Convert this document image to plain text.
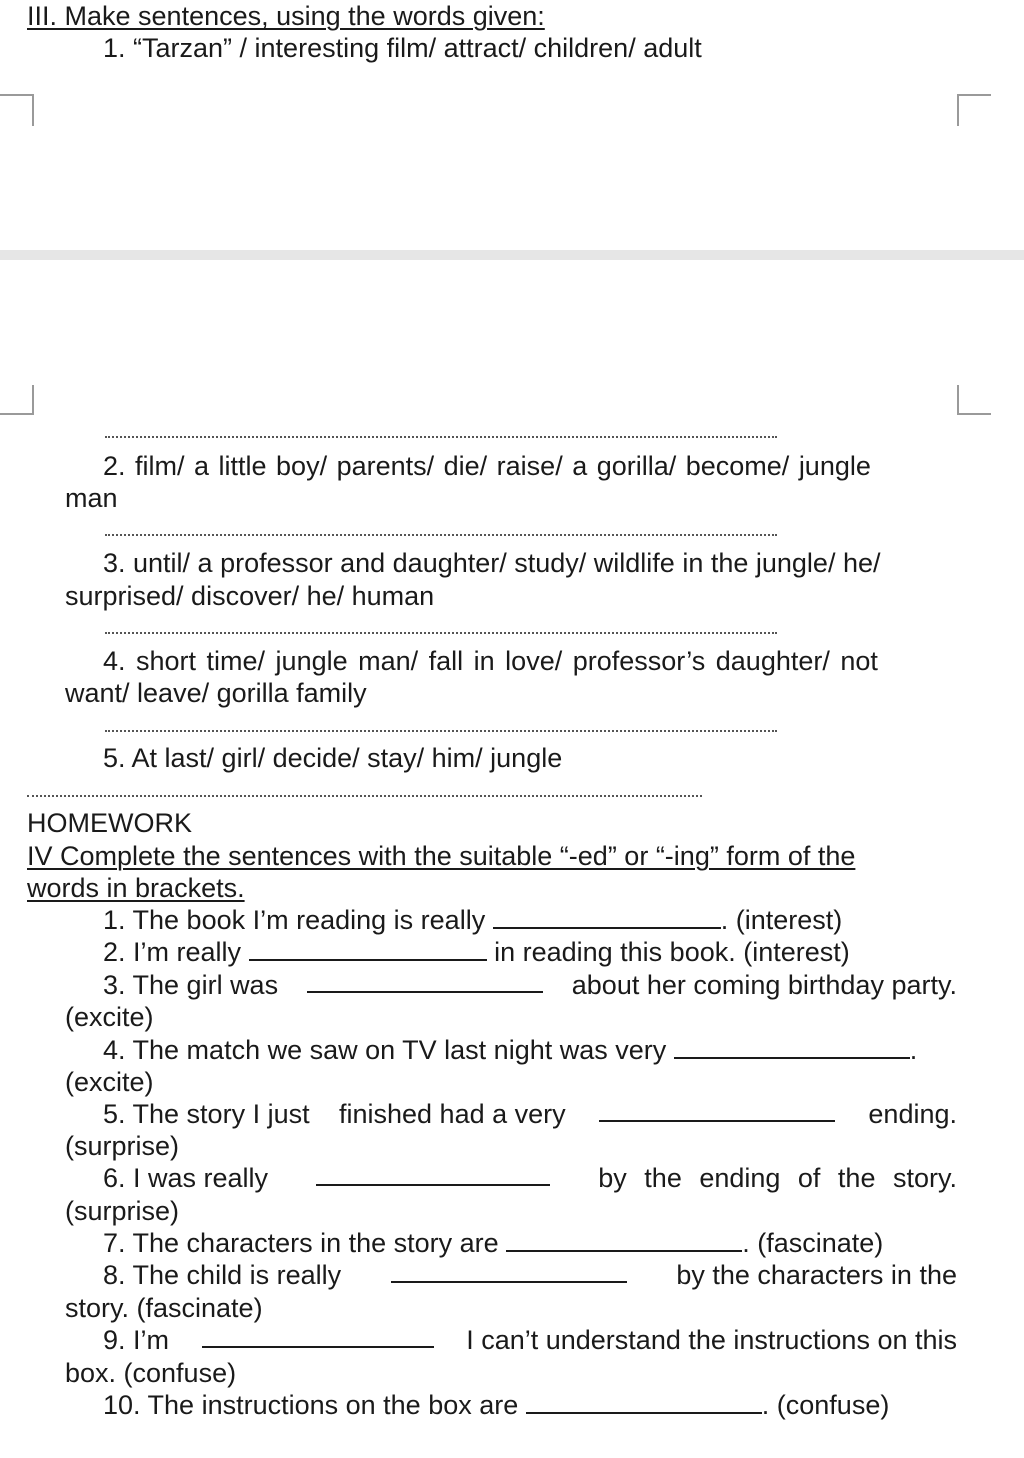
III. Make sentences, using the words given:
1. “Tarzan” / interesting film/ attract/ children/ adult
2. film/ a little boy/ parents/ die/ raise/ a gorilla/ become/ jungle
man
3. until/ a professor and daughter/ study/ wildlife in the jungle/ he/
surprised/ discover/ he/ human
4. short time/ jungle man/ fall in love/ professor’s daughter/ not
want/ leave/ gorilla family
5. At last/ girl/ decide/ stay/ him/ jungle
HOMEWORK
IV Complete the sentences with the suitable “-ed” or “-ing” form of the
words in brackets.
1. The book I’m reading is really	. (interest)
2. I’m really	in reading this book. (interest)
3. The girl was	about her coming birthday party.
(excite)
4. The match we saw on TV last night was very	.
(excite)
5. The story I just finished had a very	ending.
(surprise)
6. I was really	by the ending of the story.
(surprise)
7. The characters in the story are	. (fascinate)
8. The child is really	by the characters in the
story. (fascinate)
9. I’m	I can’t understand the instructions on this
box. (confuse)
10. The instructions on the box are	. (confuse)
